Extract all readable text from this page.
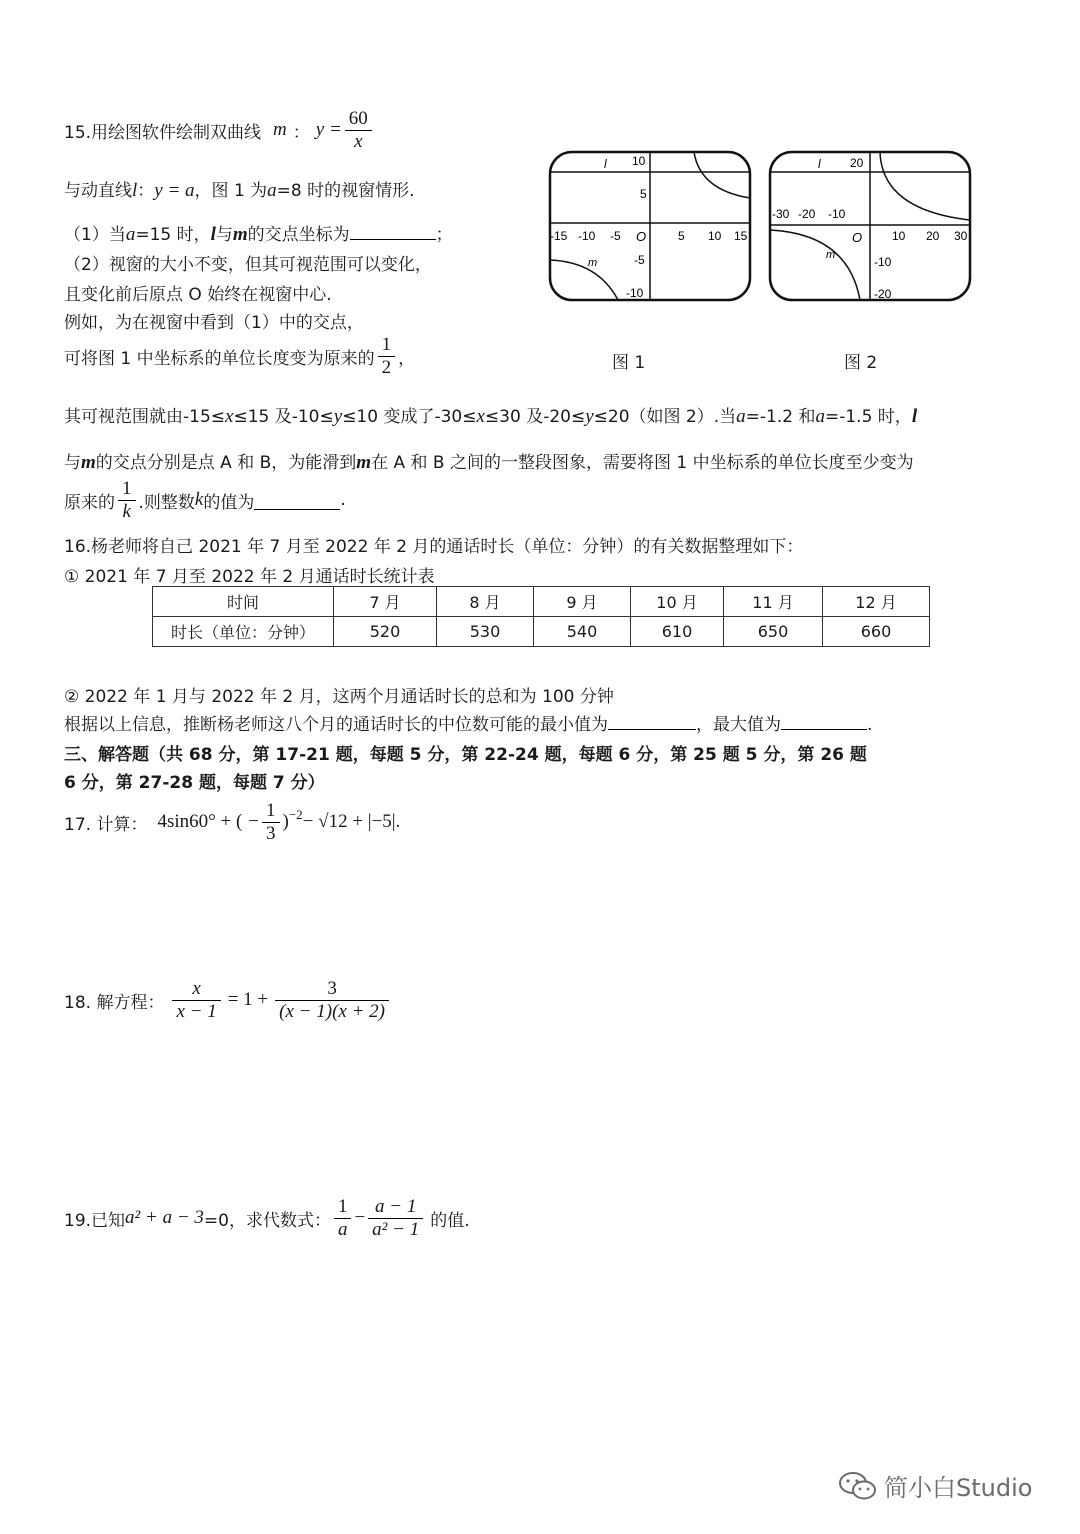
15.用绘图软件绘制双曲线 m ： $y = \frac{60}{x}$
与动直线l：y = a，图 1 为a=8 时的视窗情形.
（1）当a=15 时，l与m的交点坐标为	；
（2）视窗的大小不变，但其可视范围可以变化，
且变化前后原点 O 始终在视窗中心.
例如，为在视窗中看到（1）中的交点，
可将图 1 中坐标系的单位长度变为原来的 $\frac{1}{2}$ ，
其可视范围就由-15≤x≤15 及-10≤y≤10 变成了-30≤x≤30 及-20≤y≤20（如图 2）.当a=-1.2 和a=-1.5 时，l
与m的交点分别是点 A 和 B，为能滑到m在 A 和 B 之间的一整段图象，需要将图 1 中坐标系的单位长度至少变为
原来的 $\frac{1}{k}$ .则整数 k 的值为	.
l
m
-15 -10 -5 O	5 10 15
10
5
-5
-10
l
m
-30 -20 -10
O 10 20 30
20
-10
-20
图 1	图 2
16.杨老师将自己 2021 年 7 月至 2022 年 2 月的通话时长（单位：分钟）的有关数据整理如下：
① 2021 年 7 月至 2022 年 2 月通话时长统计表
时间	7 月	8 月	9 月	10 月	11 月	12 月
时长（单位：分钟）	520	530	540	610	650	660
② 2022 年 1 月与 2022 年 2 月，这两个月通话时长的总和为 100 分钟
根据以上信息，推断杨老师这八个月的通话时长的中位数可能的最小值为	，最大值为	.
三、解答题（共 68 分，第 17-21 题，每题 5 分，第 22-24 题，每题 6 分，第 25 题 5 分，第 26 题
6 分，第 27-28 题，每题 7 分）
17. 计算： 4sin60° + ( − $\frac{1}{3} )^{-2} - √12 + |-5|$.
18. 解方程： $\frac{x}{x - 1} = 1 + \frac{3}{(x - 1)(x + 2)}$
19.已知 a² + a − 3 =0，求代数式： $\frac{1}{a} - \frac{a - 1}{\text{a² − 1}}$ 的值.
简小白Studio
